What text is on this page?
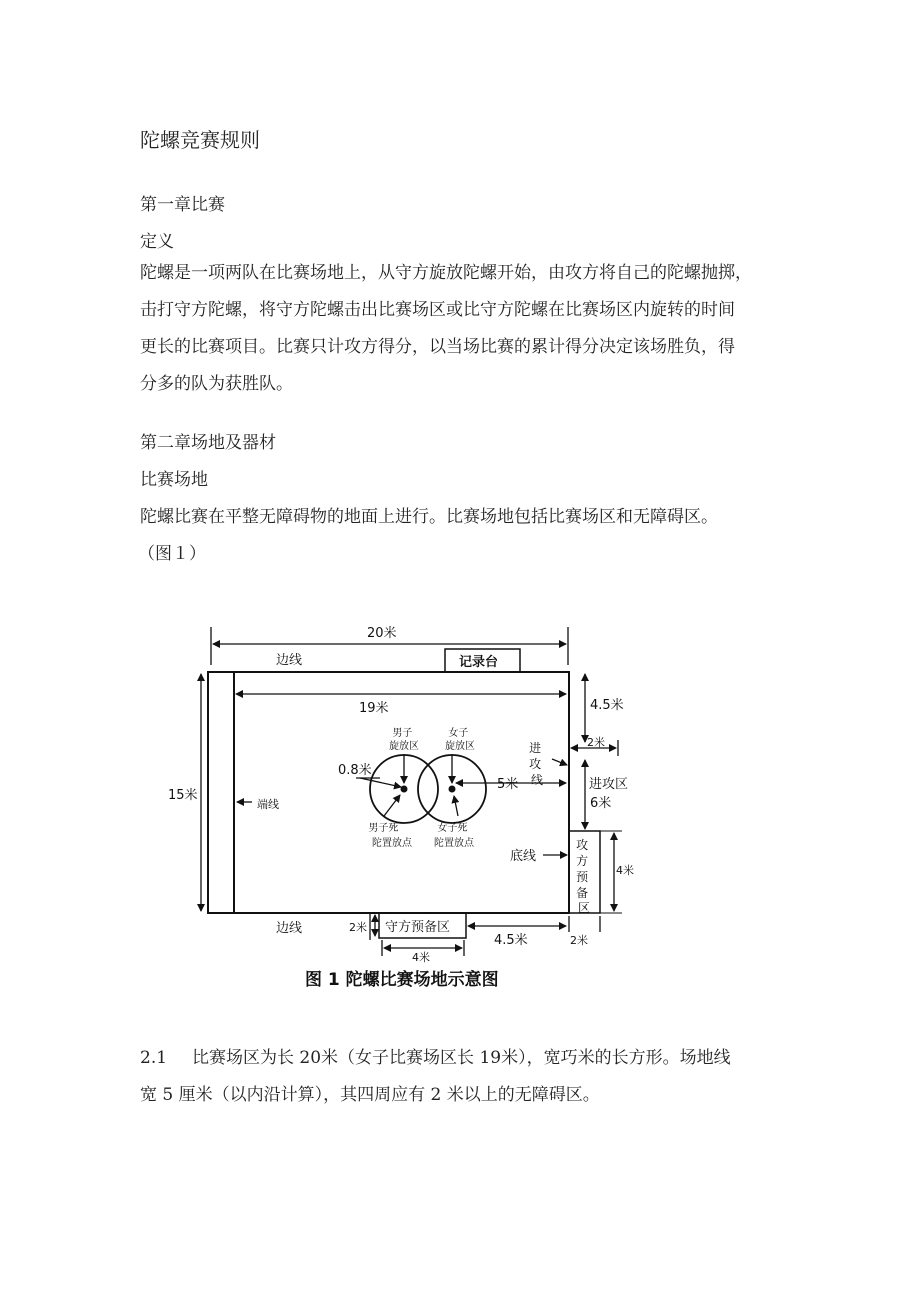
陀螺竞赛规则
第一章比赛
定义
陀螺是一项两队在比赛场地上，从守方旋放陀螺开始，由攻方将自己的陀螺抛掷，
击打守方陀螺，将守方陀螺击出比赛场区或比守方陀螺在比赛场区内旋转的时间
更长的比赛项目。比赛只计攻方得分，以当场比赛的累计得分决定该场胜负，得
分多的队为获胜队。
第二章场地及器材
比赛场地
陀螺比赛在平整无障碍物的地面上进行。比赛场地包括比赛场区和无障碍区。
（图１）
20米
边线	记录台
19米	4.5米
2米
男子 旋放区
女子 旋放区	进 攻 线
0.8米
5米	进攻区
6米
15米
端线
男子死 陀置放点
女子死 陀置放点
底线
攻 方 预 备 区
4米
边线	2米 守方预备区
4.5米	2米
4米
图 1 陀螺比赛场地示意图
2.1 比赛场区为长 20米（女子比赛场区长 19米），宽巧米的长方形。场地线
宽 5 厘米（以内沿计算），其四周应有 2 米以上的无障碍区。
